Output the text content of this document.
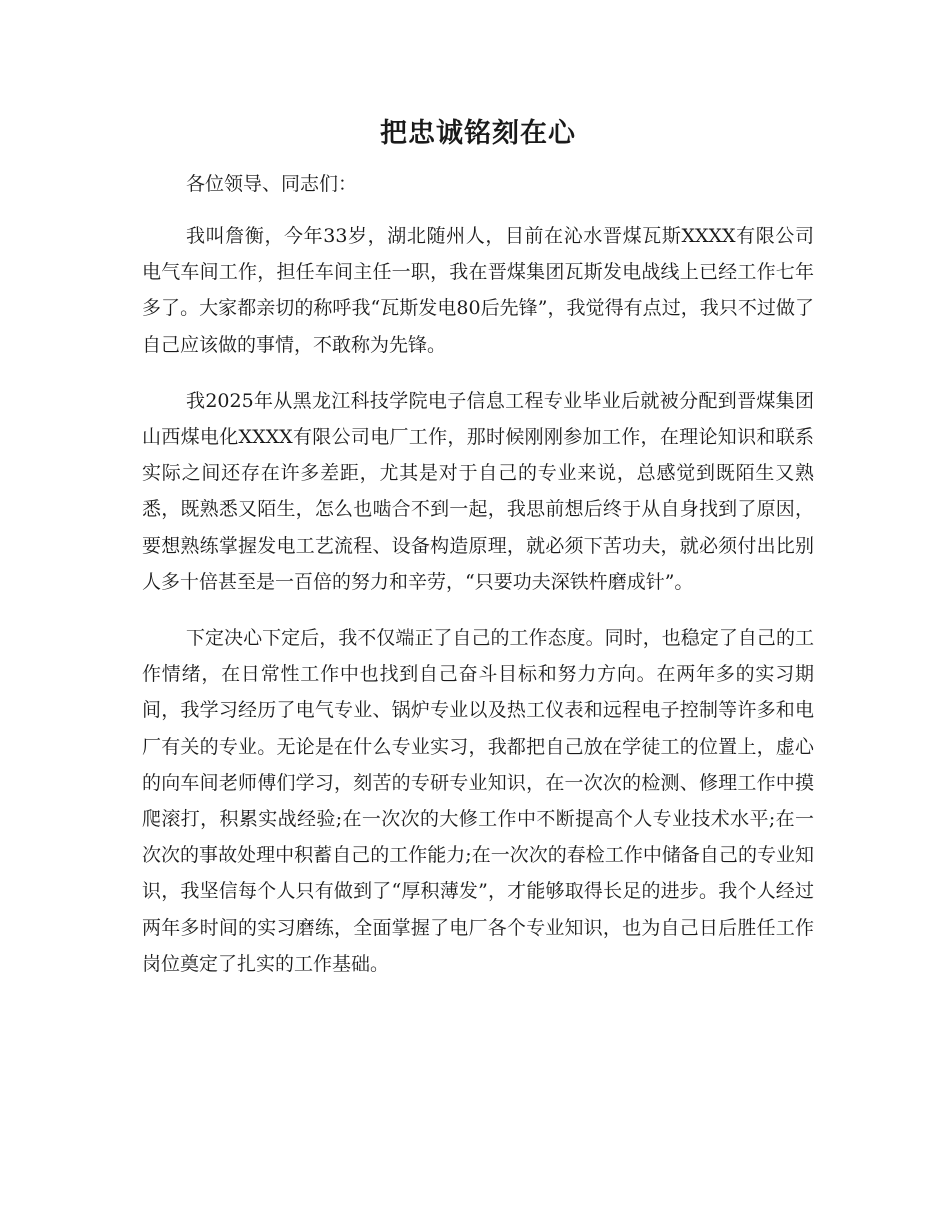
把忠诚铭刻在心

各位领导、同志们：

我叫詹衡，今年33岁，湖北随州人，目前在沁水晋煤瓦斯XXXX有限公司电气车间工作，担任车间主任一职，我在晋煤集团瓦斯发电战线上已经工作七年多了。大家都亲切的称呼我“瓦斯发电80后先锋”，我觉得有点过，我只不过做了自己应该做的事情，不敢称为先锋。

我2025年从黑龙江科技学院电子信息工程专业毕业后就被分配到晋煤集团山西煤电化XXXX有限公司电厂工作，那时候刚刚参加工作，在理论知识和联系实际之间还存在许多差距，尤其是对于自己的专业来说，总感觉到既陌生又熟悉，既熟悉又陌生，怎么也啮合不到一起，我思前想后终于从自身找到了原因，要想熟练掌握发电工艺流程、设备构造原理，就必须下苦功夫，就必须付出比别人多十倍甚至是一百倍的努力和辛劳，“只要功夫深铁杵磨成针”。

下定决心下定后，我不仅端正了自己的工作态度。同时，也稳定了自己的工作情绪，在日常性工作中也找到自己奋斗目标和努力方向。在两年多的实习期间，我学习经历了电气专业、锅炉专业以及热工仪表和远程电子控制等许多和电厂有关的专业。无论是在什么专业实习，我都把自己放在学徒工的位置上，虚心的向车间老师傅们学习，刻苦的专研专业知识，在一次次的检测、修理工作中摸爬滚打，积累实战经验;在一次次的大修工作中不断提高个人专业技术水平;在一次次的事故处理中积蓄自己的工作能力;在一次次的春检工作中储备自己的专业知识，我坚信每个人只有做到了“厚积薄发”，才能够取得长足的进步。我个人经过两年多时间的实习磨练，全面掌握了电厂各个专业知识，也为自己日后胜任工作岗位奠定了扎实的工作基础。
